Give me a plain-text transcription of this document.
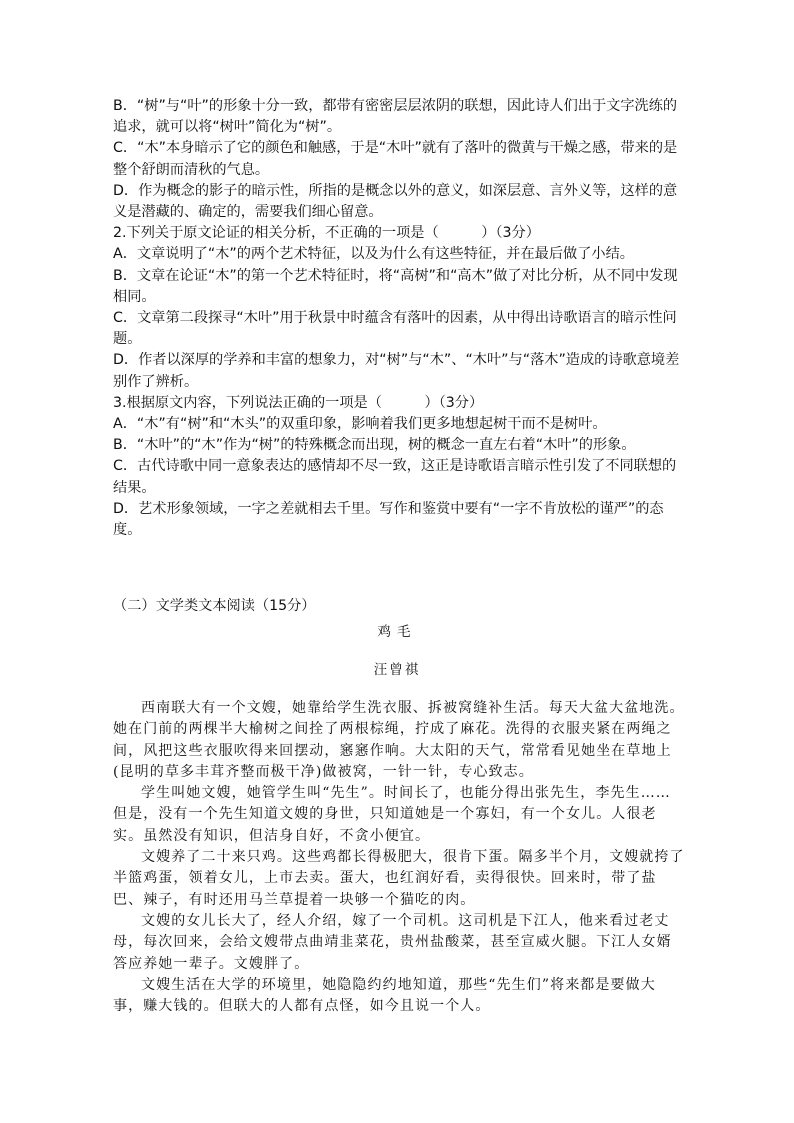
B．“树”与“叶”的形象十分一致，都带有密密层层浓阴的联想，因此诗人们出于文字洗练的追求，就可以将“树叶”简化为“树”。

C．“木”本身暗示了它的颜色和触感，于是“木叶”就有了落叶的微黄与干燥之感，带来的是整个舒朗而清秋的气息。

D．作为概念的影子的暗示性，所指的是概念以外的意义，如深层意、言外义等，这样的意义是潜藏的、确定的，需要我们细心留意。

2.下列关于原文论证的相关分析，不正确的一项是（　　　）（3分）

A．文章说明了“木”的两个艺术特征，以及为什么有这些特征，并在最后做了小结。

B．文章在论证“木”的第一个艺术特征时，将“高树”和“高木”做了对比分析，从不同中发现相同。

C．文章第二段探寻“木叶”用于秋景中时蕴含有落叶的因素，从中得出诗歌语言的暗示性问题。

D．作者以深厚的学养和丰富的想象力，对“树”与“木”、“木叶”与“落木”造成的诗歌意境差别作了辨析。

3.根据原文内容，下列说法正确的一项是（　　　）（3分）

A．“木”有“树”和“木头”的双重印象，影响着我们更多地想起树干而不是树叶。

B．“木叶”的“木”作为“树”的特殊概念而出现，树的概念一直左右着“木叶”的形象。

C．古代诗歌中同一意象表达的感情却不尽一致，这正是诗歌语言暗示性引发了不同联想的结果。

D．艺术形象领域，一字之差就相去千里。写作和鉴赏中要有“一字不肯放松的谨严”的态度。

（二）文学类文本阅读（15分）
鸡毛
汪曾祺

西南联大有一个文嫂，她靠给学生洗衣服、拆被窝缝补生活。每天大盆大盆地洗。她在门前的两棵半大榆树之间拴了两根棕绳，拧成了麻花。洗得的衣服夹紧在两绳之间，风把这些衣服吹得来回摆动，窸窸作响。大太阳的天气，常常看见她坐在草地上(昆明的草多丰茸齐整而极干净)做被窝，一针一针，专心致志。

学生叫她文嫂，她管学生叫“先生”。时间长了，也能分得出张先生，李先生……但是，没有一个先生知道文嫂的身世，只知道她是一个寡妇，有一个女儿。人很老实。虽然没有知识，但洁身自好，不贪小便宜。

文嫂养了二十来只鸡。这些鸡都长得极肥大，很肯下蛋。隔多半个月，文嫂就挎了半篮鸡蛋，领着女儿，上市去卖。蛋大，也红润好看，卖得很快。回来时，带了盐巴、辣子，有时还用马兰草提着一块够一个猫吃的肉。

文嫂的女儿长大了，经人介绍，嫁了一个司机。这司机是下江人，他来看过老丈母，每次回来，会给文嫂带点曲靖韭菜花，贵州盐酸菜，甚至宣威火腿。下江人女婿答应养她一辈子。文嫂胖了。

文嫂生活在大学的环境里，她隐隐约约地知道，那些“先生们”将来都是要做大事，赚大钱的。但联大的人都有点怪，如今且说一个人。
